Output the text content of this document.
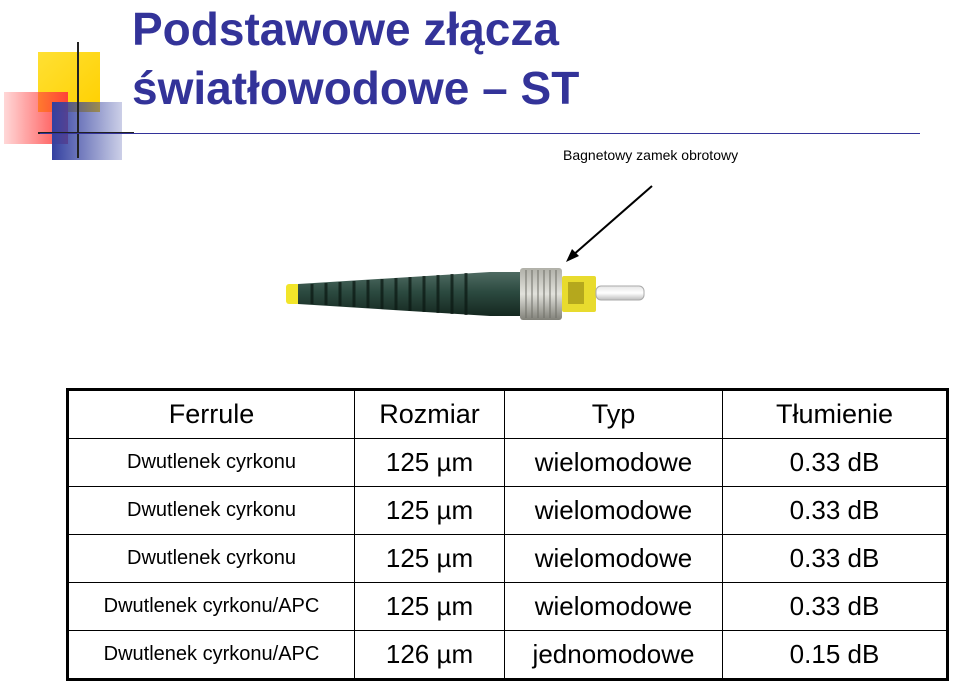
Podstawowe złącza
światłowodowe – ST
Bagnetowy zamek obrotowy
Ferrule	Rozmiar	Typ	Tłumienie
Dwutlenek cyrkonu	125 µm	wielomodowe	0.33 dB
Dwutlenek cyrkonu	125 µm	wielomodowe	0.33 dB
Dwutlenek cyrkonu	125 µm	wielomodowe	0.33 dB
Dwutlenek cyrkonu/APC	125 µm	wielomodowe	0.33 dB
Dwutlenek cyrkonu/APC	126 µm	jednomodowe	0.15 dB
